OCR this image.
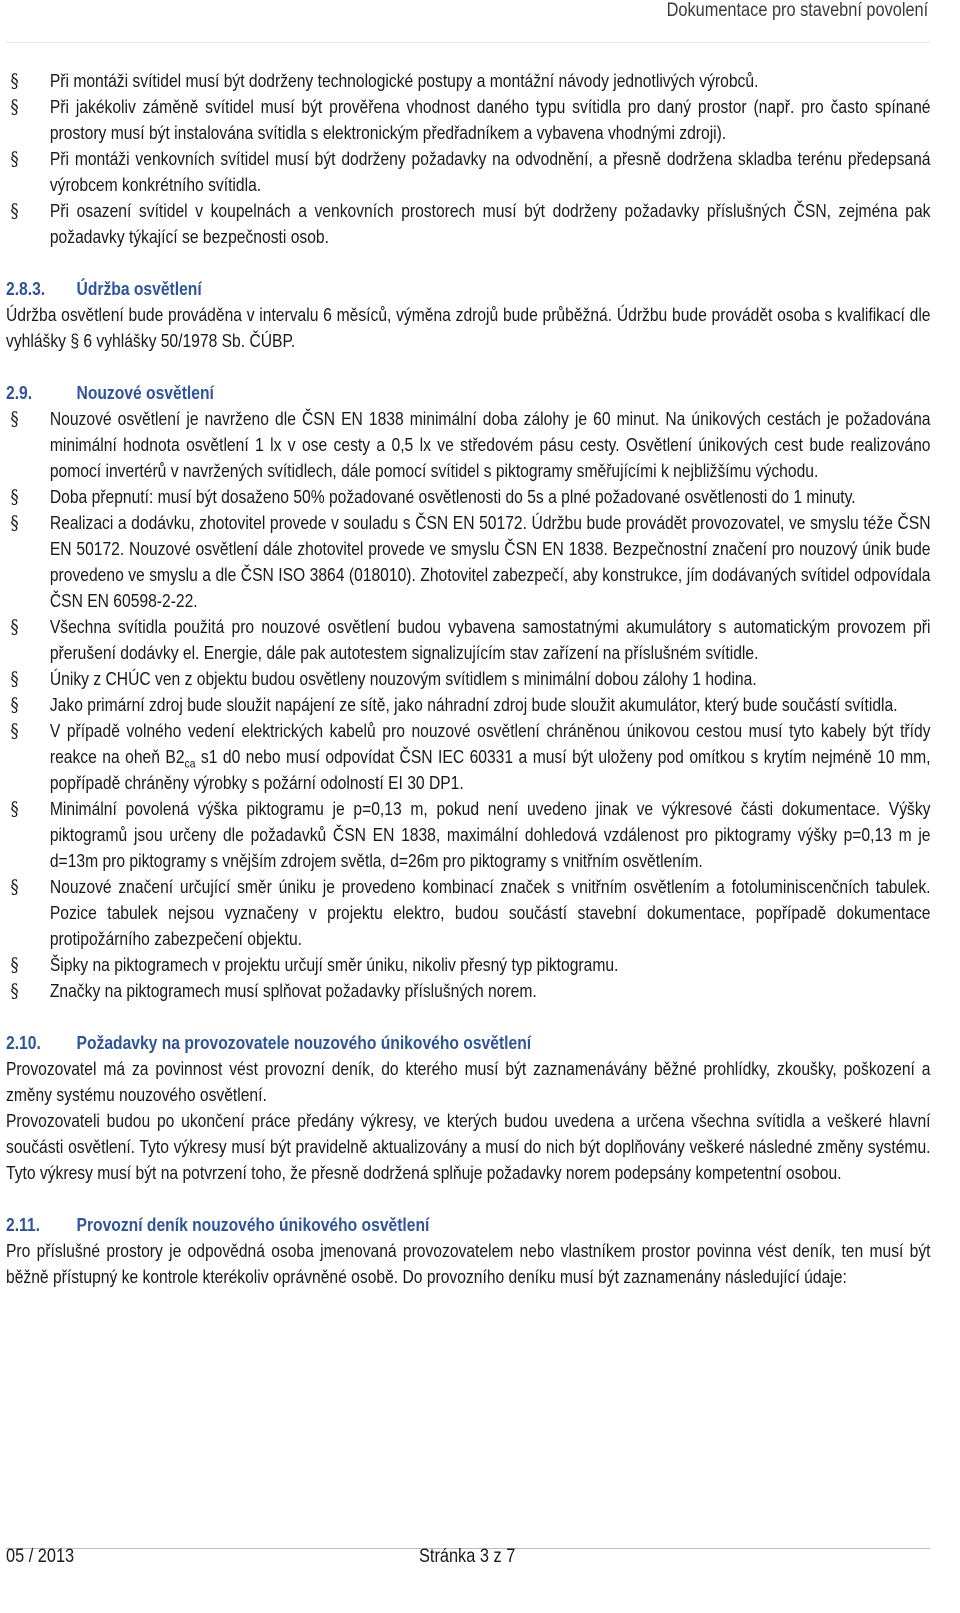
Dokumentace pro stavební povolení

§ Při montáži svítidel musí být dodrženy technologické postupy a montážní návody jednotlivých výrobců.

§ Při jakékoliv záměně svítidel musí být prověřena vhodnost daného typu svítidla pro daný prostor (např. pro často spínané prostory musí být instalována svítidla s elektronickým předřadníkem a vybavena vhodnými zdroji).

§ Při montáži venkovních svítidel musí být dodrženy požadavky na odvodnění, a přesně dodržena skladba terénu předepsaná výrobcem konkrétního svítidla.

§ Při osazení svítidel v koupelnách a venkovních prostorech musí být dodrženy požadavky příslušných ČSN, zejména pak požadavky týkající se bezpečnosti osob.

2.8.3. Údržba osvětlení

Údržba osvětlení bude prováděna v intervalu 6 měsíců, výměna zdrojů bude průběžná. Údržbu bude provádět osoba s kvalifikací dle vyhlášky § 6 vyhlášky 50/1978 Sb. ČÚBP.

2.9. Nouzové osvětlení

§ Nouzové osvětlení je navrženo dle ČSN EN 1838 minimální doba zálohy je 60 minut. Na únikových cestách je požadována minimální hodnota osvětlení 1 lx v ose cesty a 0,5 lx ve středovém pásu cesty. Osvětlení únikových cest bude realizováno pomocí invertérů v navržených svítidlech, dále pomocí svítidel s piktogramy směřujícími k nejbližšímu východu.

§ Doba přepnutí: musí být dosaženo 50% požadované osvětlenosti do 5s a plné požadované osvětlenosti do 1 minuty.

§ Realizaci a dodávku, zhotovitel provede v souladu s ČSN EN 50172. Údržbu bude provádět provozovatel, ve smyslu téže ČSN EN 50172. Nouzové osvětlení dále zhotovitel provede ve smyslu ČSN EN 1838. Bezpečnostní značení pro nouzový únik bude provedeno ve smyslu a dle ČSN ISO 3864 (018010). Zhotovitel zabezpečí, aby konstrukce, jím dodávaných svítidel odpovídala ČSN EN 60598-2-22.

§ Všechna svítidla použitá pro nouzové osvětlení budou vybavena samostatnými akumulátory s automatickým provozem při přerušení dodávky el. Energie, dále pak autotestem signalizujícím stav zařízení na příslušném svítidle.

§ Úniky z CHÚC ven z objektu budou osvětleny nouzovým svítidlem s minimální dobou zálohy 1 hodina.

§ Jako primární zdroj bude sloužit napájení ze sítě, jako náhradní zdroj bude sloužit akumulátor, který bude součástí svítidla.

§ V případě volného vedení elektrických kabelů pro nouzové osvětlení chráněnou únikovou cestou musí tyto kabely být třídy reakce na oheň $B2_{ca}$ s1 d0 nebo musí odpovídat ČSN IEC 60331 a musí být uloženy pod omítkou s krytím nejméně 10 mm, popřípadě chráněny výrobky s požární odolností EI 30 DP1.

§ Minimální povolená výška piktogramu je p=0,13 m, pokud není uvedeno jinak ve výkresové části dokumentace. Výšky piktogramů jsou určeny dle požadavků ČSN EN 1838, maximální dohledová vzdálenost pro piktogramy výšky p=0,13 m je d=13m pro piktogramy s vnějším zdrojem světla, d=26m pro piktogramy s vnitřním osvětlením.

§ Nouzové značení určující směr úniku je provedeno kombinací značek s vnitřním osvětlením a fotoluminiscenčních tabulek. Pozice tabulek nejsou vyznačeny v projektu elektro, budou součástí stavební dokumentace, popřípadě dokumentace protipožárního zabezpečení objektu.

§ Šipky na piktogramech v projektu určují směr úniku, nikoliv přesný typ piktogramu.

§ Značky na piktogramech musí splňovat požadavky příslušných norem.

2.10. Požadavky na provozovatele nouzového únikového osvětlení

Provozovatel má za povinnost vést provozní deník, do kterého musí být zaznamenávány běžné prohlídky, zkoušky, poškození a změny systému nouzového osvětlení.

Provozovateli budou po ukončení práce předány výkresy, ve kterých budou uvedena a určena všechna svítidla a veškeré hlavní součásti osvětlení. Tyto výkresy musí být pravidelně aktualizovány a musí do nich být doplňovány veškeré následné změny systému. Tyto výkresy musí být na potvrzení toho, že přesně dodržená splňuje požadavky norem podepsány kompetentní osobou.

2.11. Provozní deník nouzového únikového osvětlení

Pro příslušné prostory je odpovědná osoba jmenovaná provozovatelem nebo vlastníkem prostor povinna vést deník, ten musí být běžně přístupný ke kontrole kterékoliv oprávněné osobě. Do provozního deníku musí být zaznamenány následující údaje:

05 / 2013	Stránka 3 z 7
